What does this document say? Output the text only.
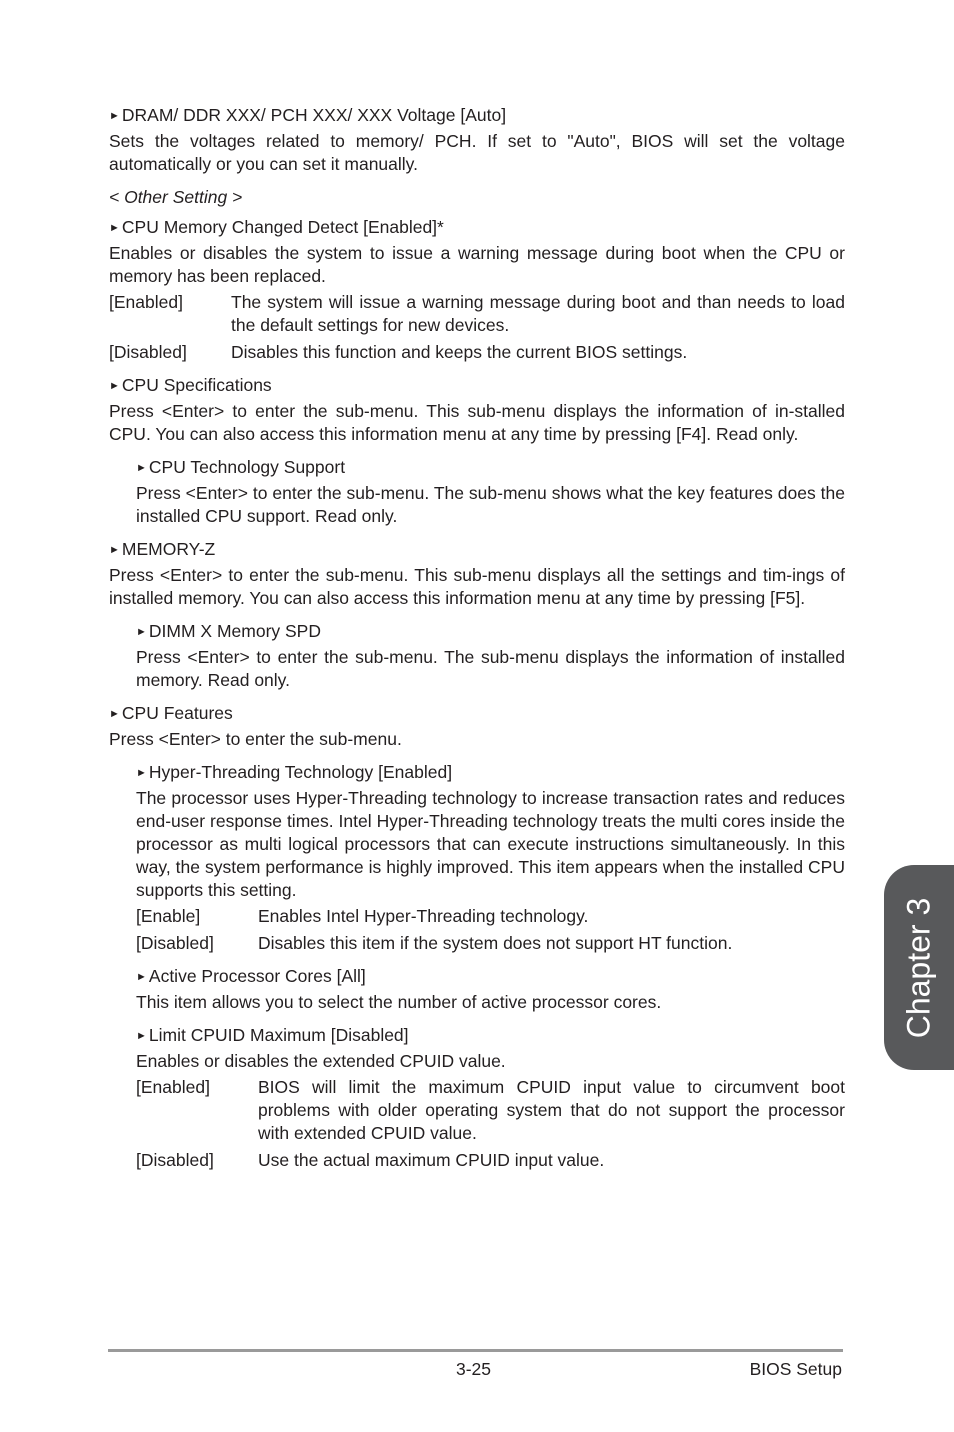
► DRAM/ DDR XXX/ PCH XXX/ XXX Voltage [Auto]

Sets the voltages related to memory/ PCH. If set to "Auto", BIOS will set the voltage automatically or you can set it manually.

< Other Setting >

► CPU Memory Changed Detect [Enabled]*

Enables or disables the system to issue a warning message during boot when the CPU or memory has been replaced.

[Enabled]	The system will issue a warning message during boot and than needs to load the default settings for new devices.
[Disabled]	Disables this function and keeps the current BIOS settings.

► CPU Specifications

Press <Enter> to enter the sub-menu. This sub-menu displays the information of in-stalled CPU. You can also access this information menu at any time by pressing [F4]. Read only.

► CPU Technology Support

Press <Enter> to enter the sub-menu. The sub-menu shows what the key features does the installed CPU support. Read only.

► MEMORY-Z

Press <Enter> to enter the sub-menu. This sub-menu displays all the settings and tim-ings of installed memory. You can also access this information menu at any time by pressing [F5].

► DIMM X Memory SPD

Press <Enter> to enter the sub-menu. The sub-menu displays the information of installed memory. Read only.

► CPU Features

Press <Enter> to enter the sub-menu.

► Hyper-Threading Technology [Enabled]

The processor uses Hyper-Threading technology to increase transaction rates and reduces end-user response times. Intel Hyper-Threading technology treats the multi cores inside the processor as multi logical processors that can execute instructions simultaneously. In this way, the system performance is highly improved. This item appears when the installed CPU supports this setting.

[Enable]	Enables Intel Hyper-Threading technology.
[Disabled]	Disables this item if the system does not support HT function.

► Active Processor Cores [All]

This item allows you to select the number of active processor cores.

► Limit CPUID Maximum [Disabled]

Enables or disables the extended CPUID value.

[Enabled]	BIOS will limit the maximum CPUID input value to circumvent boot problems with older operating system that do not support the processor with extended CPUID value.
[Disabled]	Use the actual maximum CPUID input value.
Chapter 3
3-25	BIOS Setup
